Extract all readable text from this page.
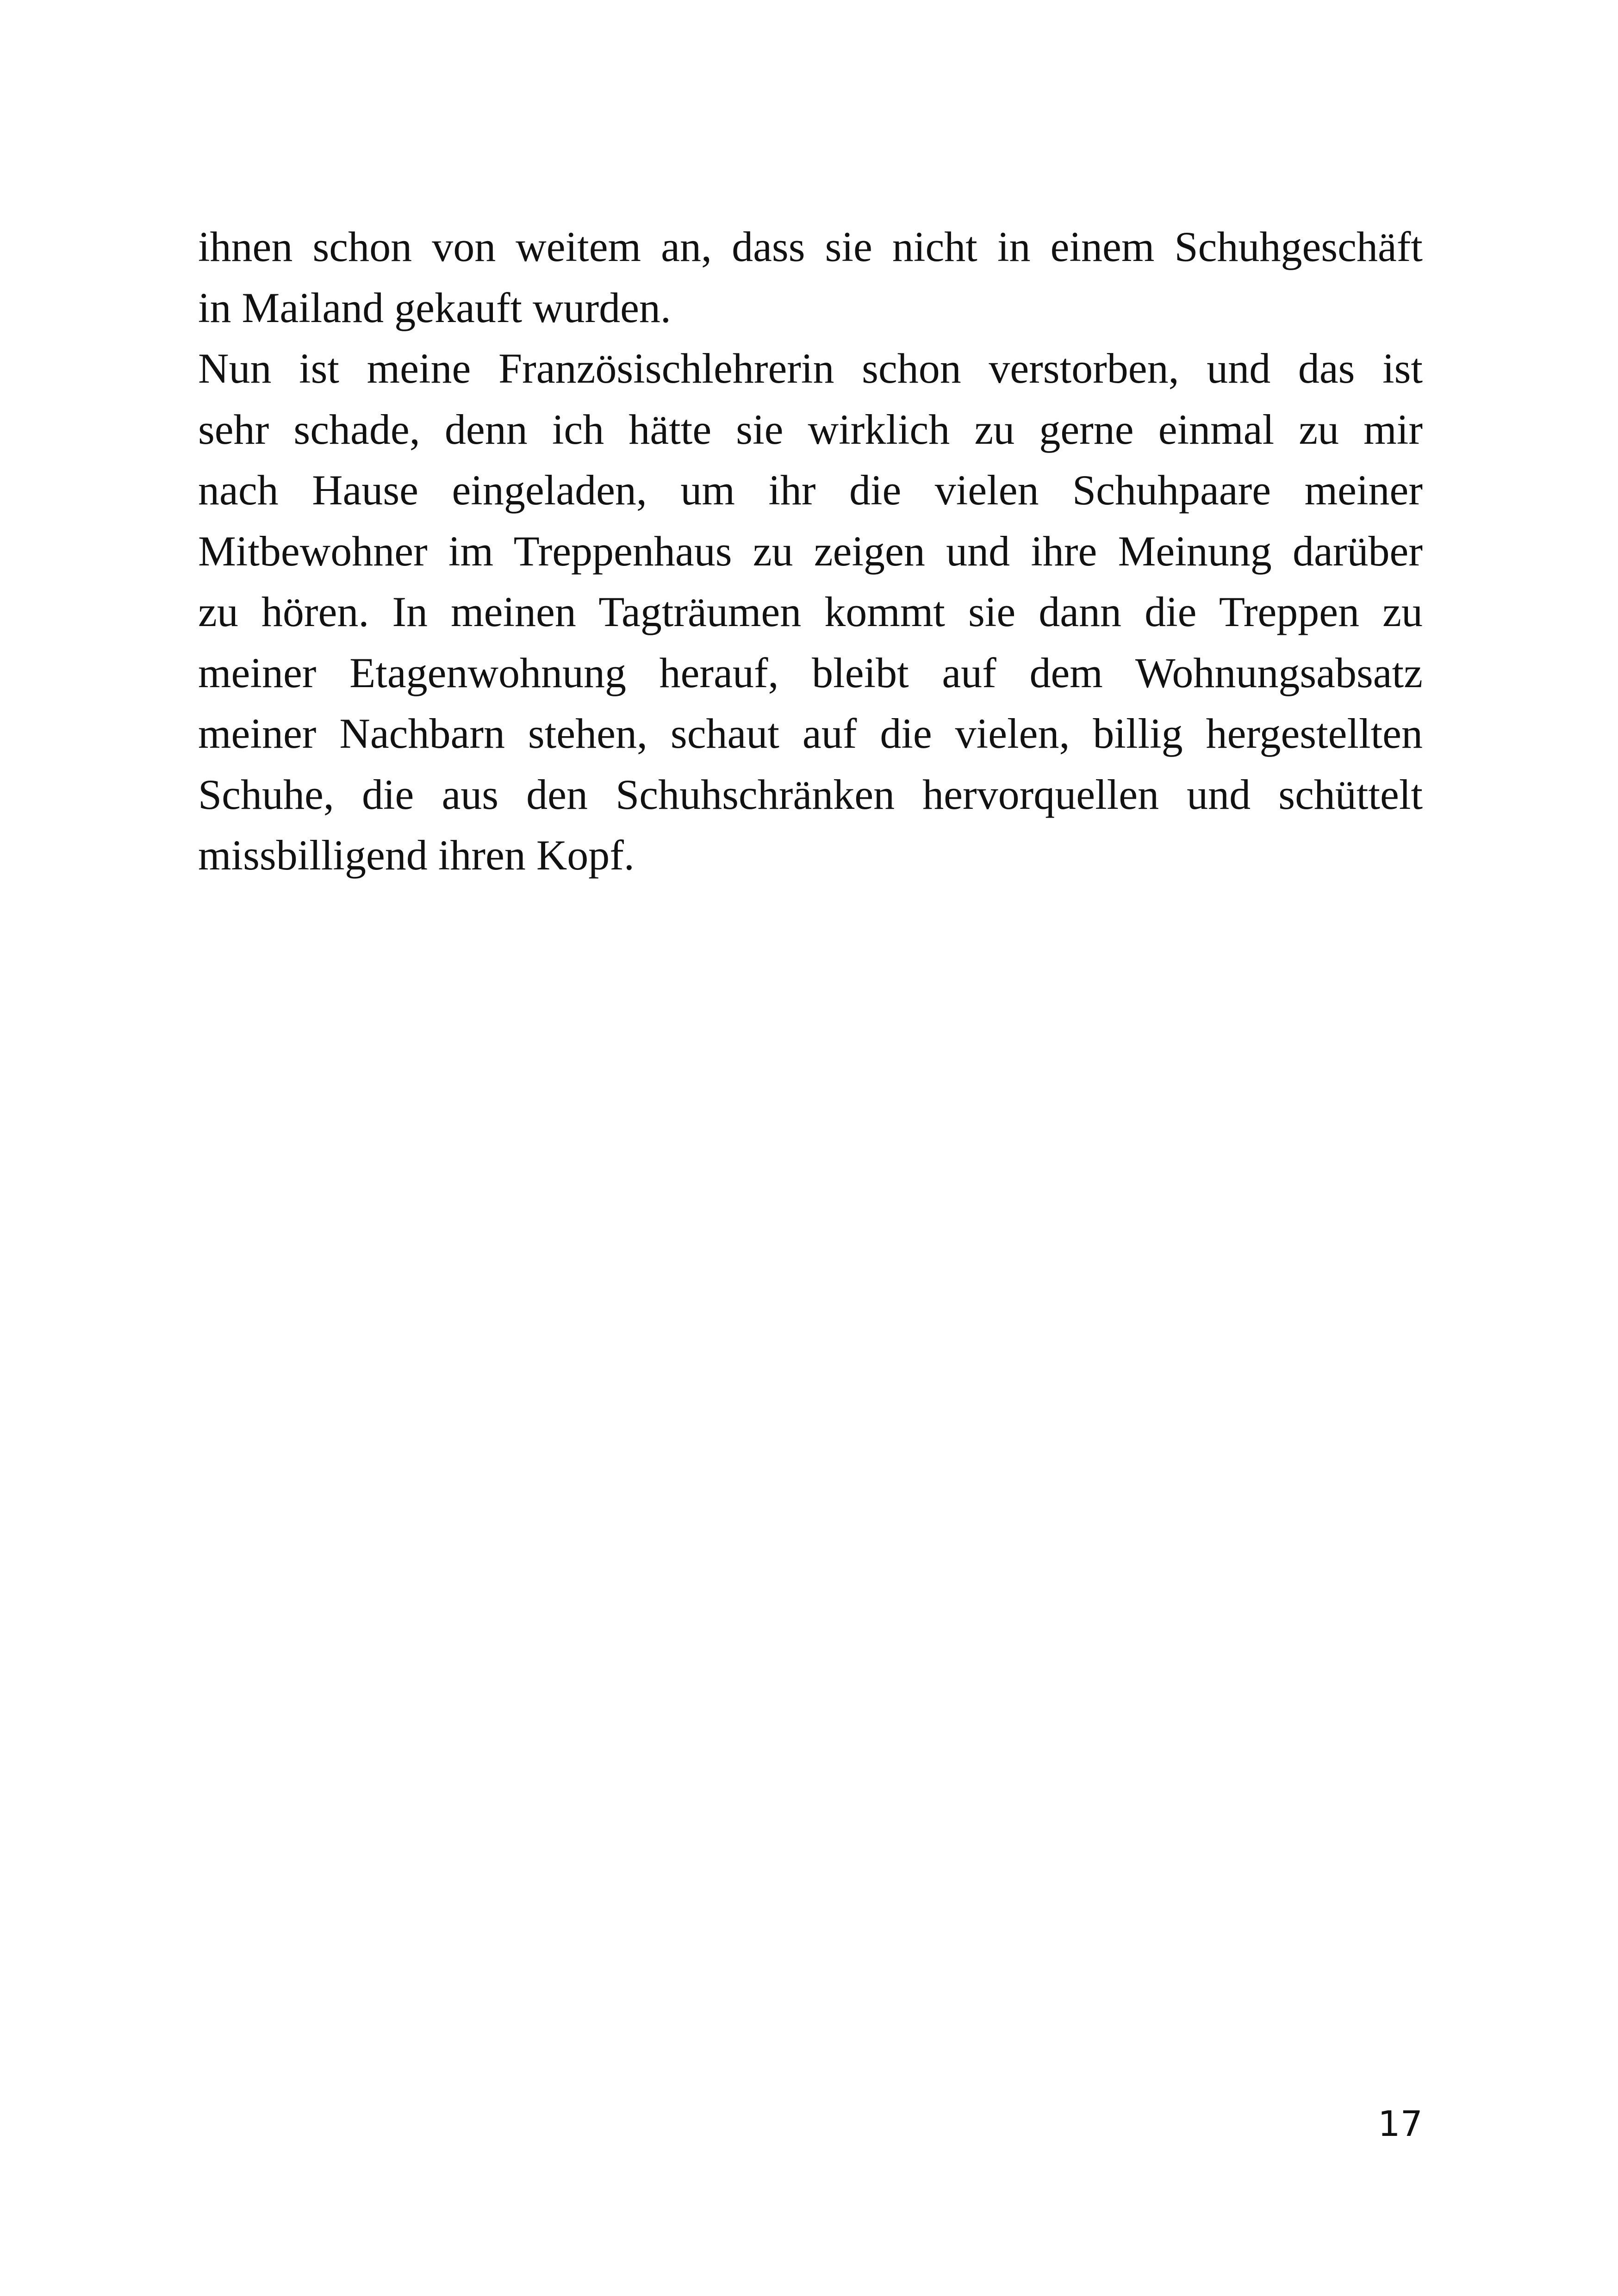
ihnen schon von weitem an, dass sie nicht in einem Schuhgeschäft
in Mailand gekauft wurden.
Nun ist meine Französischlehrerin schon verstorben, und das ist
sehr schade, denn ich hätte sie wirklich zu gerne einmal zu mir
nach Hause eingeladen, um ihr die vielen Schuhpaare meiner
Mitbewohner im Treppenhaus zu zeigen und ihre Meinung darüber
zu hören. In meinen Tagträumen kommt sie dann die Treppen zu
meiner Etagenwohnung herauf, bleibt auf dem Wohnungsabsatz
meiner Nachbarn stehen, schaut auf die vielen, billig hergestellten
Schuhe, die aus den Schuhschränken hervorquellen und schüttelt
missbilligend ihren Kopf.
17
